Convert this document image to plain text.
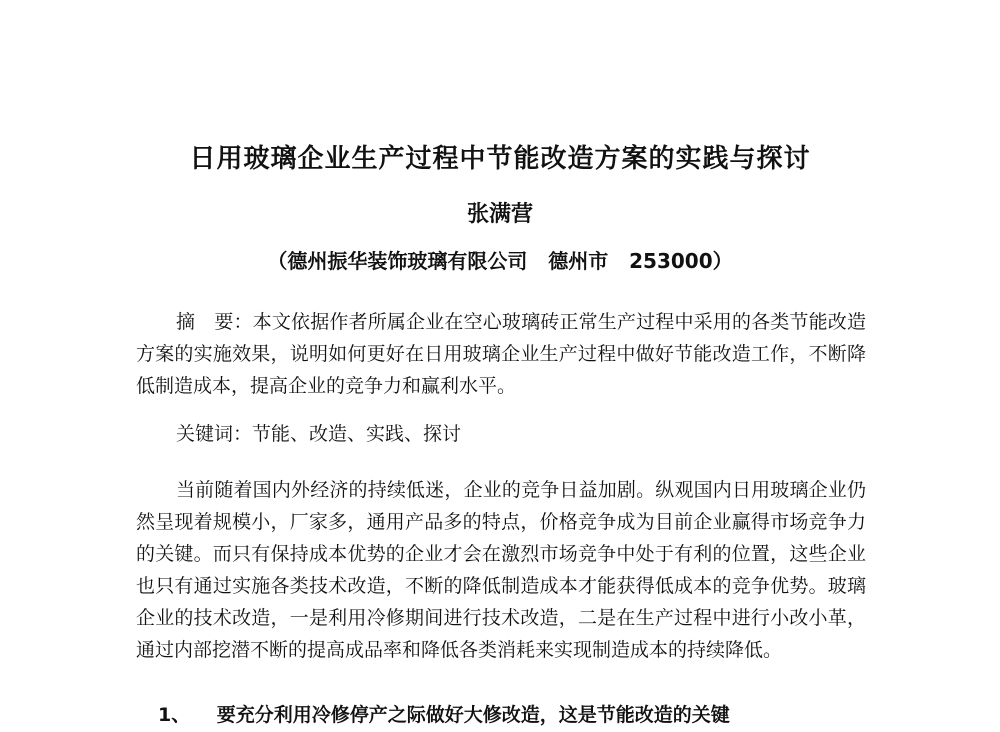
日用玻璃企业生产过程中节能改造方案的实践与探讨
张满营
（德州振华装饰玻璃有限公司   德州市   253000）
摘　要：本文依据作者所属企业在空心玻璃砖正常生产过程中采用的各类节能改造方案的实施效果，说明如何更好在日用玻璃企业生产过程中做好节能改造工作，不断降低制造成本，提高企业的竞争力和赢利水平。
关键词：节能、改造、实践、探讨
当前随着国内外经济的持续低迷，企业的竞争日益加剧。纵观国内日用玻璃企业仍然呈现着规模小，厂家多，通用产品多的特点，价格竞争成为目前企业赢得市场竞争力的关键。而只有保持成本优势的企业才会在激烈市场竞争中处于有利的位置，这些企业也只有通过实施各类技术改造，不断的降低制造成本才能获得低成本的竞争优势。玻璃企业的技术改造，一是利用冷修期间进行技术改造，二是在生产过程中进行小改小革，通过内部挖潜不断的提高成品率和降低各类消耗来实现制造成本的持续降低。
1、 要充分利用冷修停产之际做好大修改造，这是节能改造的关键
